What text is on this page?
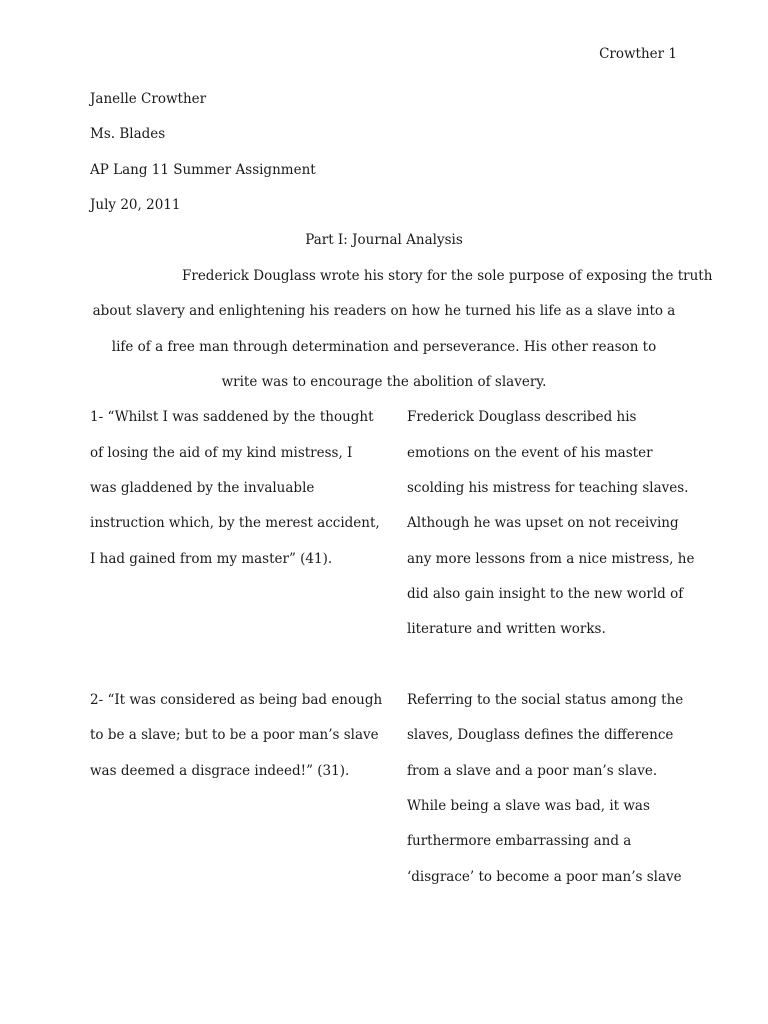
Crowther 1

Janelle Crowther

Ms. Blades

AP Lang 11 Summer Assignment

July 20, 2011

Part I: Journal Analysis

Frederick Douglass wrote his story for the sole purpose of exposing the truth

about slavery and enlightening his readers on how he turned his life as a slave into a

life of a free man through determination and perseverance. His other reason to

write was to encourage the abolition of slavery.

1- “Whilst I was saddened by the thought

of losing the aid of my kind mistress, I

was gladdened by the invaluable

instruction which, by the merest accident,

I had gained from my master” (41).

Frederick Douglass described his

emotions on the event of his master

scolding his mistress for teaching slaves.

Although he was upset on not receiving

any more lessons from a nice mistress, he

did also gain insight to the new world of

literature and written works.

2- “It was considered as being bad enough

to be a slave; but to be a poor man’s slave

was deemed a disgrace indeed!” (31).

Referring to the social status among the

slaves, Douglass defines the difference

from a slave and a poor man’s slave.

While being a slave was bad, it was

furthermore embarrassing and a

‘disgrace’ to become a poor man’s slave
